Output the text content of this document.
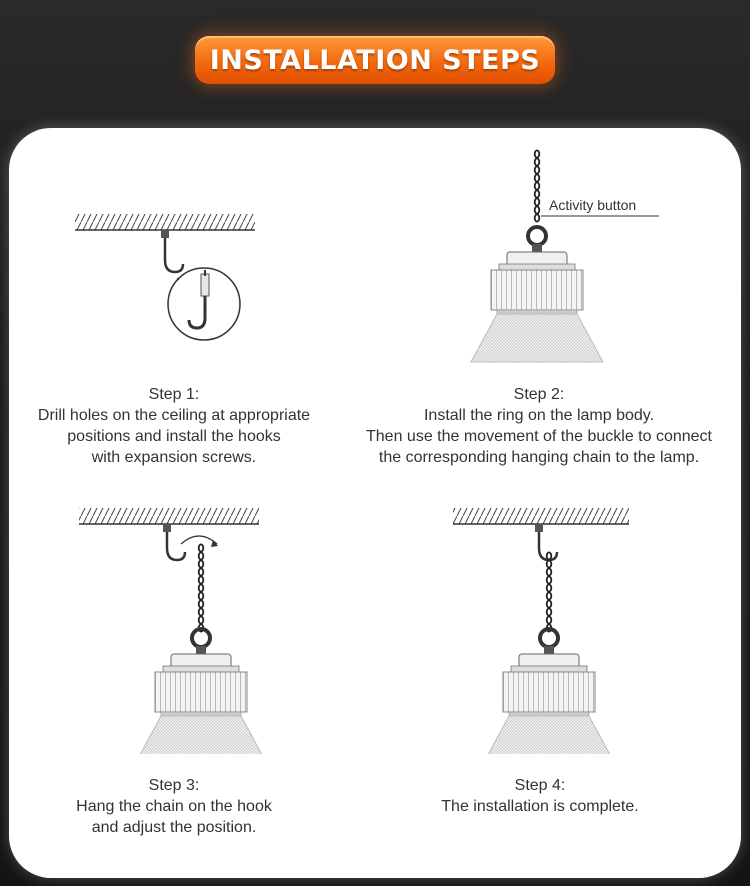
INSTALLATION STEPS
Activity button
Step 1:
Drill holes on the ceiling at appropriate
positions and install the hooks
with expansion screws.
Step 2:
Install the ring on the lamp body.
Then use the movement of the buckle to connect
the corresponding hanging chain to the lamp.
Step 3:
Hang the chain on the hook
and adjust the position.
Step 4:
The installation is complete.
